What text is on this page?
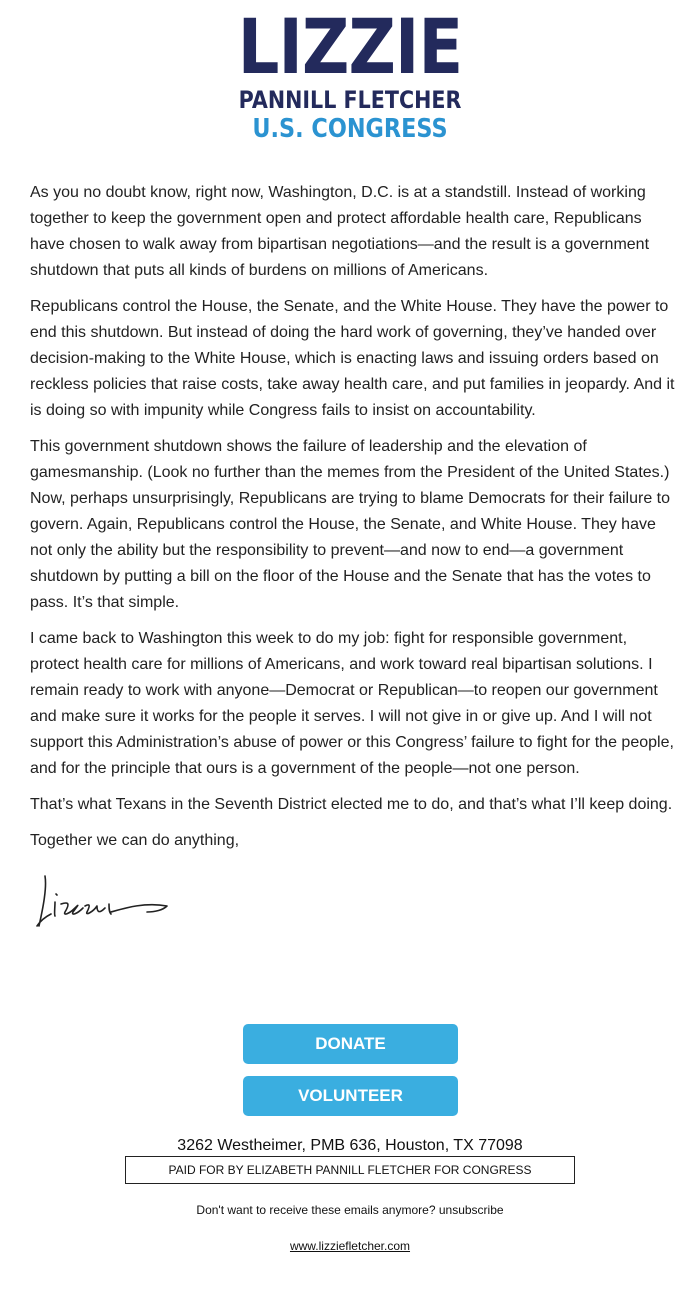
LIZZIE
PANNILL FLETCHER
U.S. CONGRESS

As you no doubt know, right now, Washington, D.C. is at a standstill. Instead of working together to keep the government open and protect affordable health care, Republicans have chosen to walk away from bipartisan negotiations—and the result is a government shutdown that puts all kinds of burdens on millions of Americans.

Republicans control the House, the Senate, and the White House. They have the power to end this shutdown. But instead of doing the hard work of governing, they’ve handed over decision-making to the White House, which is enacting laws and issuing orders based on reckless policies that raise costs, take away health care, and put families in jeopardy. And it is doing so with impunity while Congress fails to insist on accountability.

This government shutdown shows the failure of leadership and the elevation of gamesmanship. (Look no further than the memes from the President of the United States.) Now, perhaps unsurprisingly, Republicans are trying to blame Democrats for their failure to govern. Again, Republicans control the House, the Senate, and White House. They have not only the ability but the responsibility to prevent—and now to end—a government shutdown by putting a bill on the floor of the House and the Senate that has the votes to pass. It’s that simple.

I came back to Washington this week to do my job: fight for responsible government, protect health care for millions of Americans, and work toward real bipartisan solutions. I remain ready to work with anyone—Democrat or Republican—to reopen our government and make sure it works for the people it serves. I will not give in or give up. And I will not support this Administration’s abuse of power or this Congress’ failure to fight for the people, and for the principle that ours is a government of the people—not one person.

That’s what Texans in the Seventh District elected me to do, and that’s what I’ll keep doing.

Together we can do anything,

DONATE
VOLUNTEER
3262 Westheimer, PMB 636, Houston, TX 77098
PAID FOR BY ELIZABETH PANNILL FLETCHER FOR CONGRESS
Don't want to receive these emails anymore? unsubscribe
www.lizziefletcher.com
